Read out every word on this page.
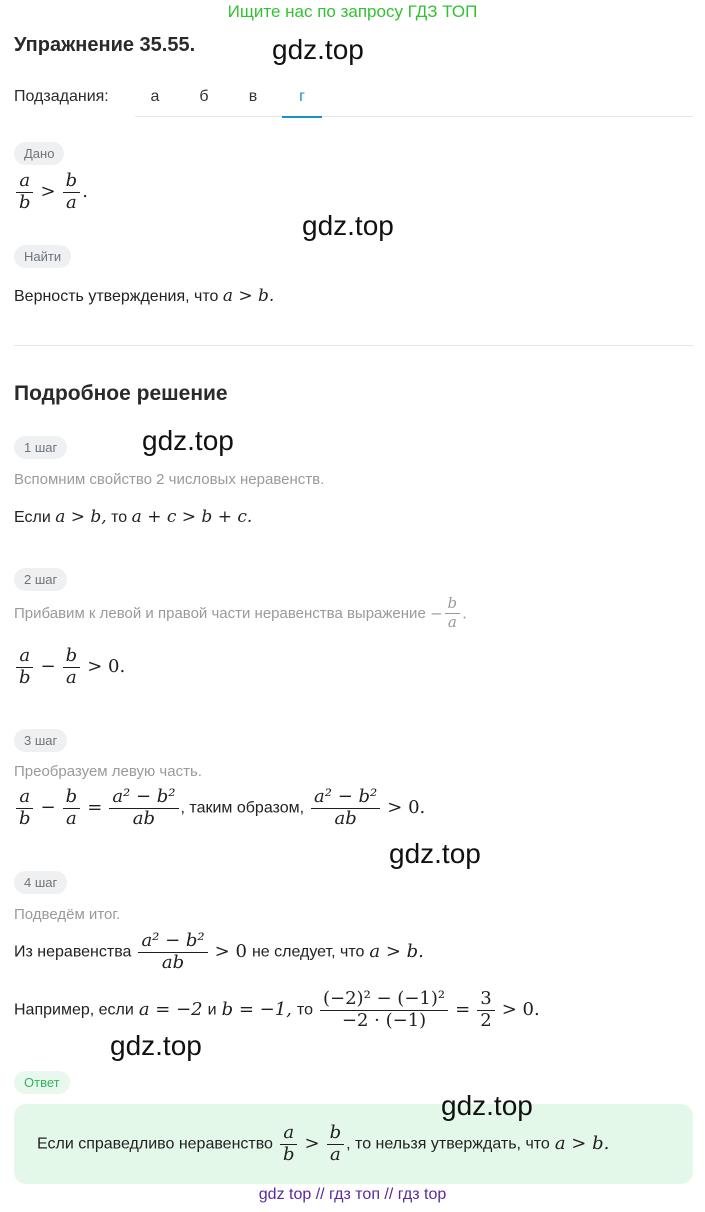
Ищите нас по запросу ГДЗ ТОП
Упражнение 35.55.	gdz.top
Подзадания:	а	б	в	г
Дано
$\frac{a}{b} > \frac{b}{a}$ .
gdz.top
Найти
Верность утверждения, что a > b.
Подробное решение
1 шаг	gdz.top
Вспомним свойство 2 числовых неравенств.
Если a > b, то a + c > b + c.
2 шаг
Прибавим к левой и правой части неравенства выражение − $\frac{b}{a}$ .
$\frac{a}{b} - \frac{b}{a} > 0$.
3 шаг
Преобразуем левую часть.
$\frac{a}{b} - \frac{b}{a} = \frac{\text{a² − b²}}{ab}$ , таким образом, $\frac{\text{a² − b²}}{ab} > 0$.
gdz.top
4 шаг
Подведём итог.
Из неравенства $\frac{\text{a² − b²}}{ab} > 0$ не следует, что a > b.
Например, если a = −2 и b = −1, то $\frac{\text{(−2)² − (−1)²}}{-2 \cdot (-1)} = \frac{3}{2} > 0$.
gdz.top
Ответ
gdz.top
Если справедливо неравенство $\frac{a}{b} > \frac{b}{a}$ , то нельзя утверждать, что a > b.
gdz top // гдз топ // гдз top
